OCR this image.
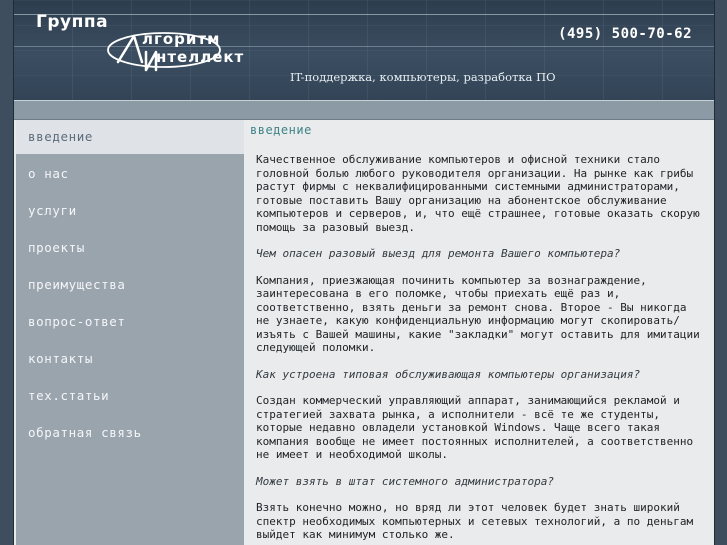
Группа
лгоритм
нтеллект
(495) 500-70-62
IT-поддержка, компьютеры, разработка ПО
введение
о нас
услуги
проекты
преимущества
вопрос-ответ
контакты
тех.статьи
обратная связь
введение

Качественное обслуживание компьютеров и офисной техники стало головной болью любого руководителя организации. На рынке как грибы растут фирмы с неквалифицированными системными администраторами, готовые поставить Вашу организацию на абонентское обслуживание компьютеров и серверов, и, что ещё страшнее, готовые оказать скорую помощь за разовый выезд.

Чем опасен разовый выезд для ремонта Вашего компьютера?

Компания, приезжающая починить компьютер за вознаграждение, заинтересована в его поломке, чтобы приехать ещё раз и, соответственно, взять деньги за ремонт снова. Второе - Вы никогда не узнаете, какую конфиденциальную информацию могут скопировать/изъять с Вашей машины, какие "закладки" могут оставить для имитации следующей поломки.

Как устроена типовая обслуживающая компьютеры организация?

Создан коммерческий управляющий аппарат, занимающийся рекламой и стратегией захвата рынка, а исполнители - всё те же студенты, которые недавно овладели установкой Windows. Чаще всего такая компания вообще не имеет постоянных исполнителей, а соответственно не имеет и необходимой школы.

Может взять в штат системного администратора?

Взять конечно можно, но вряд ли этот человек будет знать широкий спектр необходимых компьютерных и сетевых технологий, а по деньгам выйдет как минимум столько же.
